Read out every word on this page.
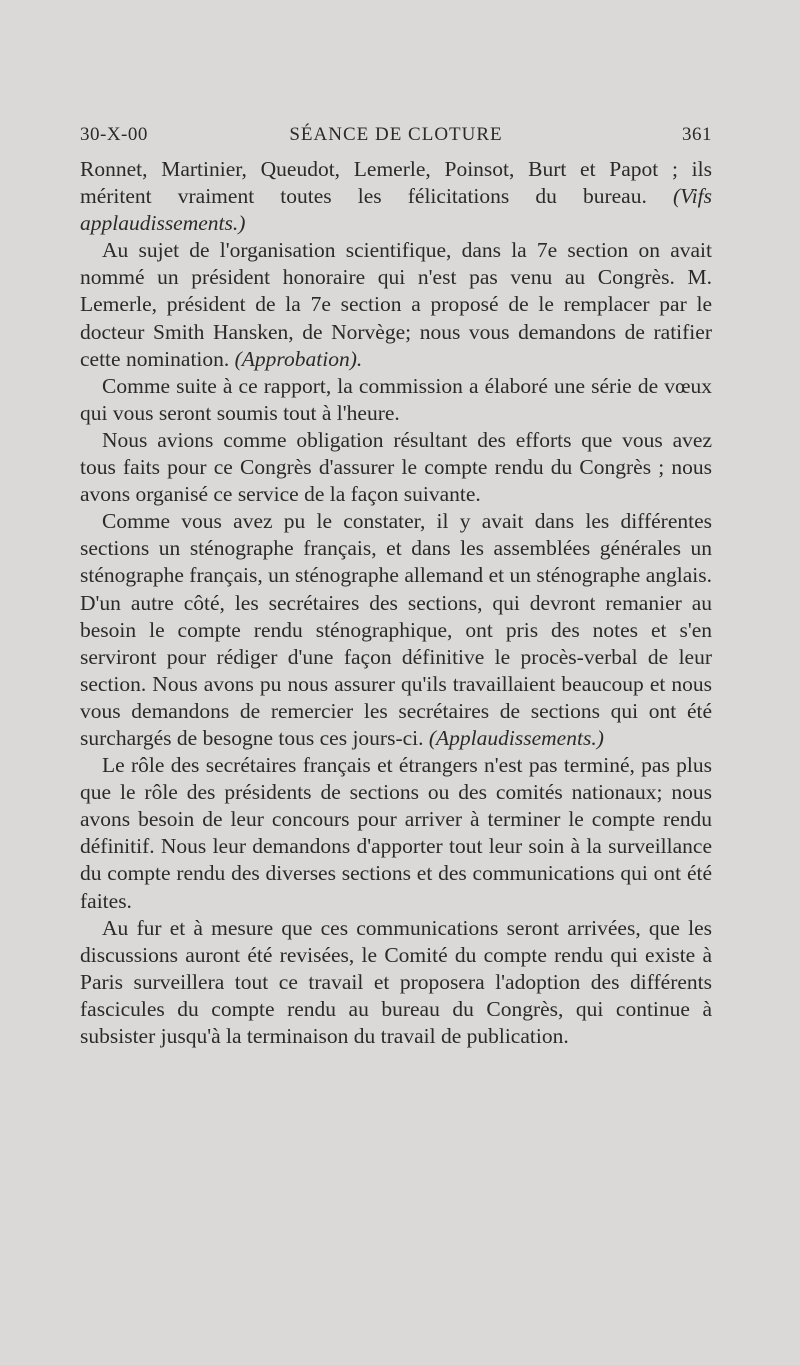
30-X-00	SÉANCE DE CLOTURE	361

Ronnet, Martinier, Queudot, Lemerle, Poinsot, Burt et Papot ; ils méritent vraiment toutes les félicitations du bureau. (Vifs applaudissements.)

Au sujet de l'organisation scientifique, dans la 7e section on avait nommé un président honoraire qui n'est pas venu au Congrès. M. Lemerle, président de la 7e section a proposé de le remplacer par le docteur Smith Hansken, de Norvège; nous vous demandons de ratifier cette nomination. (Approbation).

Comme suite à ce rapport, la commission a élaboré une série de vœux qui vous seront soumis tout à l'heure.

Nous avions comme obligation résultant des efforts que vous avez tous faits pour ce Congrès d'assurer le compte rendu du Congrès ; nous avons organisé ce service de la façon suivante.

Comme vous avez pu le constater, il y avait dans les différentes sections un sténographe français, et dans les assemblées générales un sténographe français, un sténographe allemand et un sténographe anglais. D'un autre côté, les secrétaires des sections, qui devront remanier au besoin le compte rendu sténographique, ont pris des notes et s'en serviront pour rédiger d'une façon définitive le procès-verbal de leur section. Nous avons pu nous assurer qu'ils travaillaient beaucoup et nous vous demandons de remercier les secrétaires de sections qui ont été surchargés de besogne tous ces jours-ci. (Applaudissements.)

Le rôle des secrétaires français et étrangers n'est pas terminé, pas plus que le rôle des présidents de sections ou des comités nationaux; nous avons besoin de leur concours pour arriver à terminer le compte rendu définitif. Nous leur demandons d'apporter tout leur soin à la surveillance du compte rendu des diverses sections et des communications qui ont été faites.

Au fur et à mesure que ces communications seront arrivées, que les discussions auront été revisées, le Comité du compte rendu qui existe à Paris surveillera tout ce travail et proposera l'adoption des différents fascicules du compte rendu au bureau du Congrès, qui continue à subsister jusqu'à la terminaison du travail de publication.
